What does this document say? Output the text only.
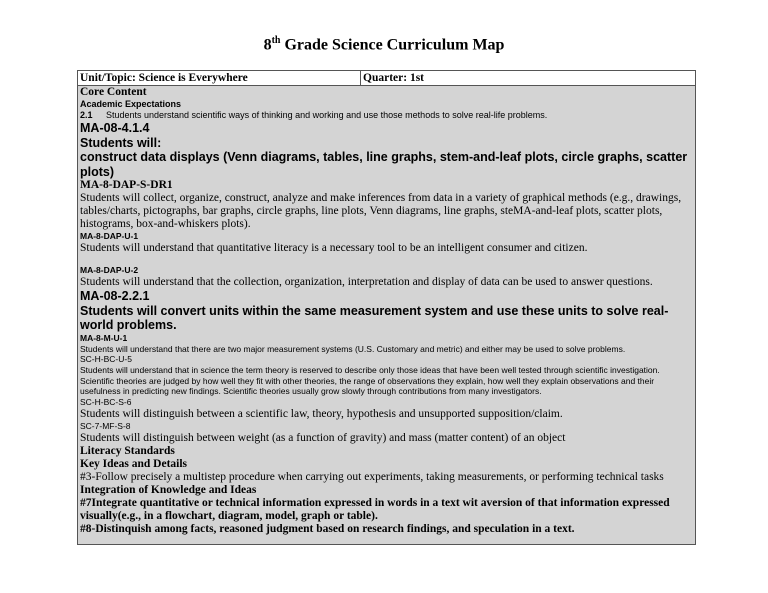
8th Grade Science Curriculum Map
Unit/Topic: Science is Everywhere	Quarter: 1st

Core Content

Academic Expectations

2.1 Students understand scientific ways of thinking and working and use those methods to solve real-life problems.

MA-08-4.1.4

Students will:

construct data displays (Venn diagrams, tables, line graphs, stem-and-leaf plots, circle graphs, scatter plots)

MA-8-DAP-S-DR1

Students will collect, organize, construct, analyze and make inferences from data in a variety of graphical methods (e.g., drawings, tables/charts, pictographs, bar graphs, circle graphs, line plots, Venn diagrams, line graphs, steMA-and-leaf plots, scatter plots, histograms, box-and-whiskers plots).

MA-8-DAP-U-1

Students will understand that quantitative literacy is a necessary tool to be an intelligent consumer and citizen.

MA-8-DAP-U-2

Students will understand that the collection, organization, interpretation and display of data can be used to answer questions.

MA-08-2.2.1

Students will convert units within the same measurement system and use these units to solve real-world problems.

MA-8-M-U-1

Students will understand that there are two major measurement systems (U.S. Customary and metric) and either may be used to solve problems.

SC-H-BC-U-5

Students will understand that in science the term theory is reserved to describe only those ideas that have been well tested through scientific investigation. Scientific theories are judged by how well they fit with other theories, the range of observations they explain, how well they explain observations and their usefulness in predicting new findings. Scientific theories usually grow slowly through contributions from many investigators.

SC-H-BC-S-6

Students will distinguish between a scientific law, theory, hypothesis and unsupported supposition/claim.

SC-7-MF-S-8

Students will distinguish between weight (as a function of gravity) and mass (matter content) of an object

Literacy Standards

Key Ideas and Details

#3-Follow precisely a multistep procedure when carrying out experiments, taking measurements, or performing technical tasks

Integration of Knowledge and Ideas

#7Integrate quantitative or technical information expressed in words in a text wit aversion of that information expressed visually(e.g., in a flowchart, diagram, model, graph or table).

#8-Distinquish among facts, reasoned judgment based on research findings, and speculation in a text.
